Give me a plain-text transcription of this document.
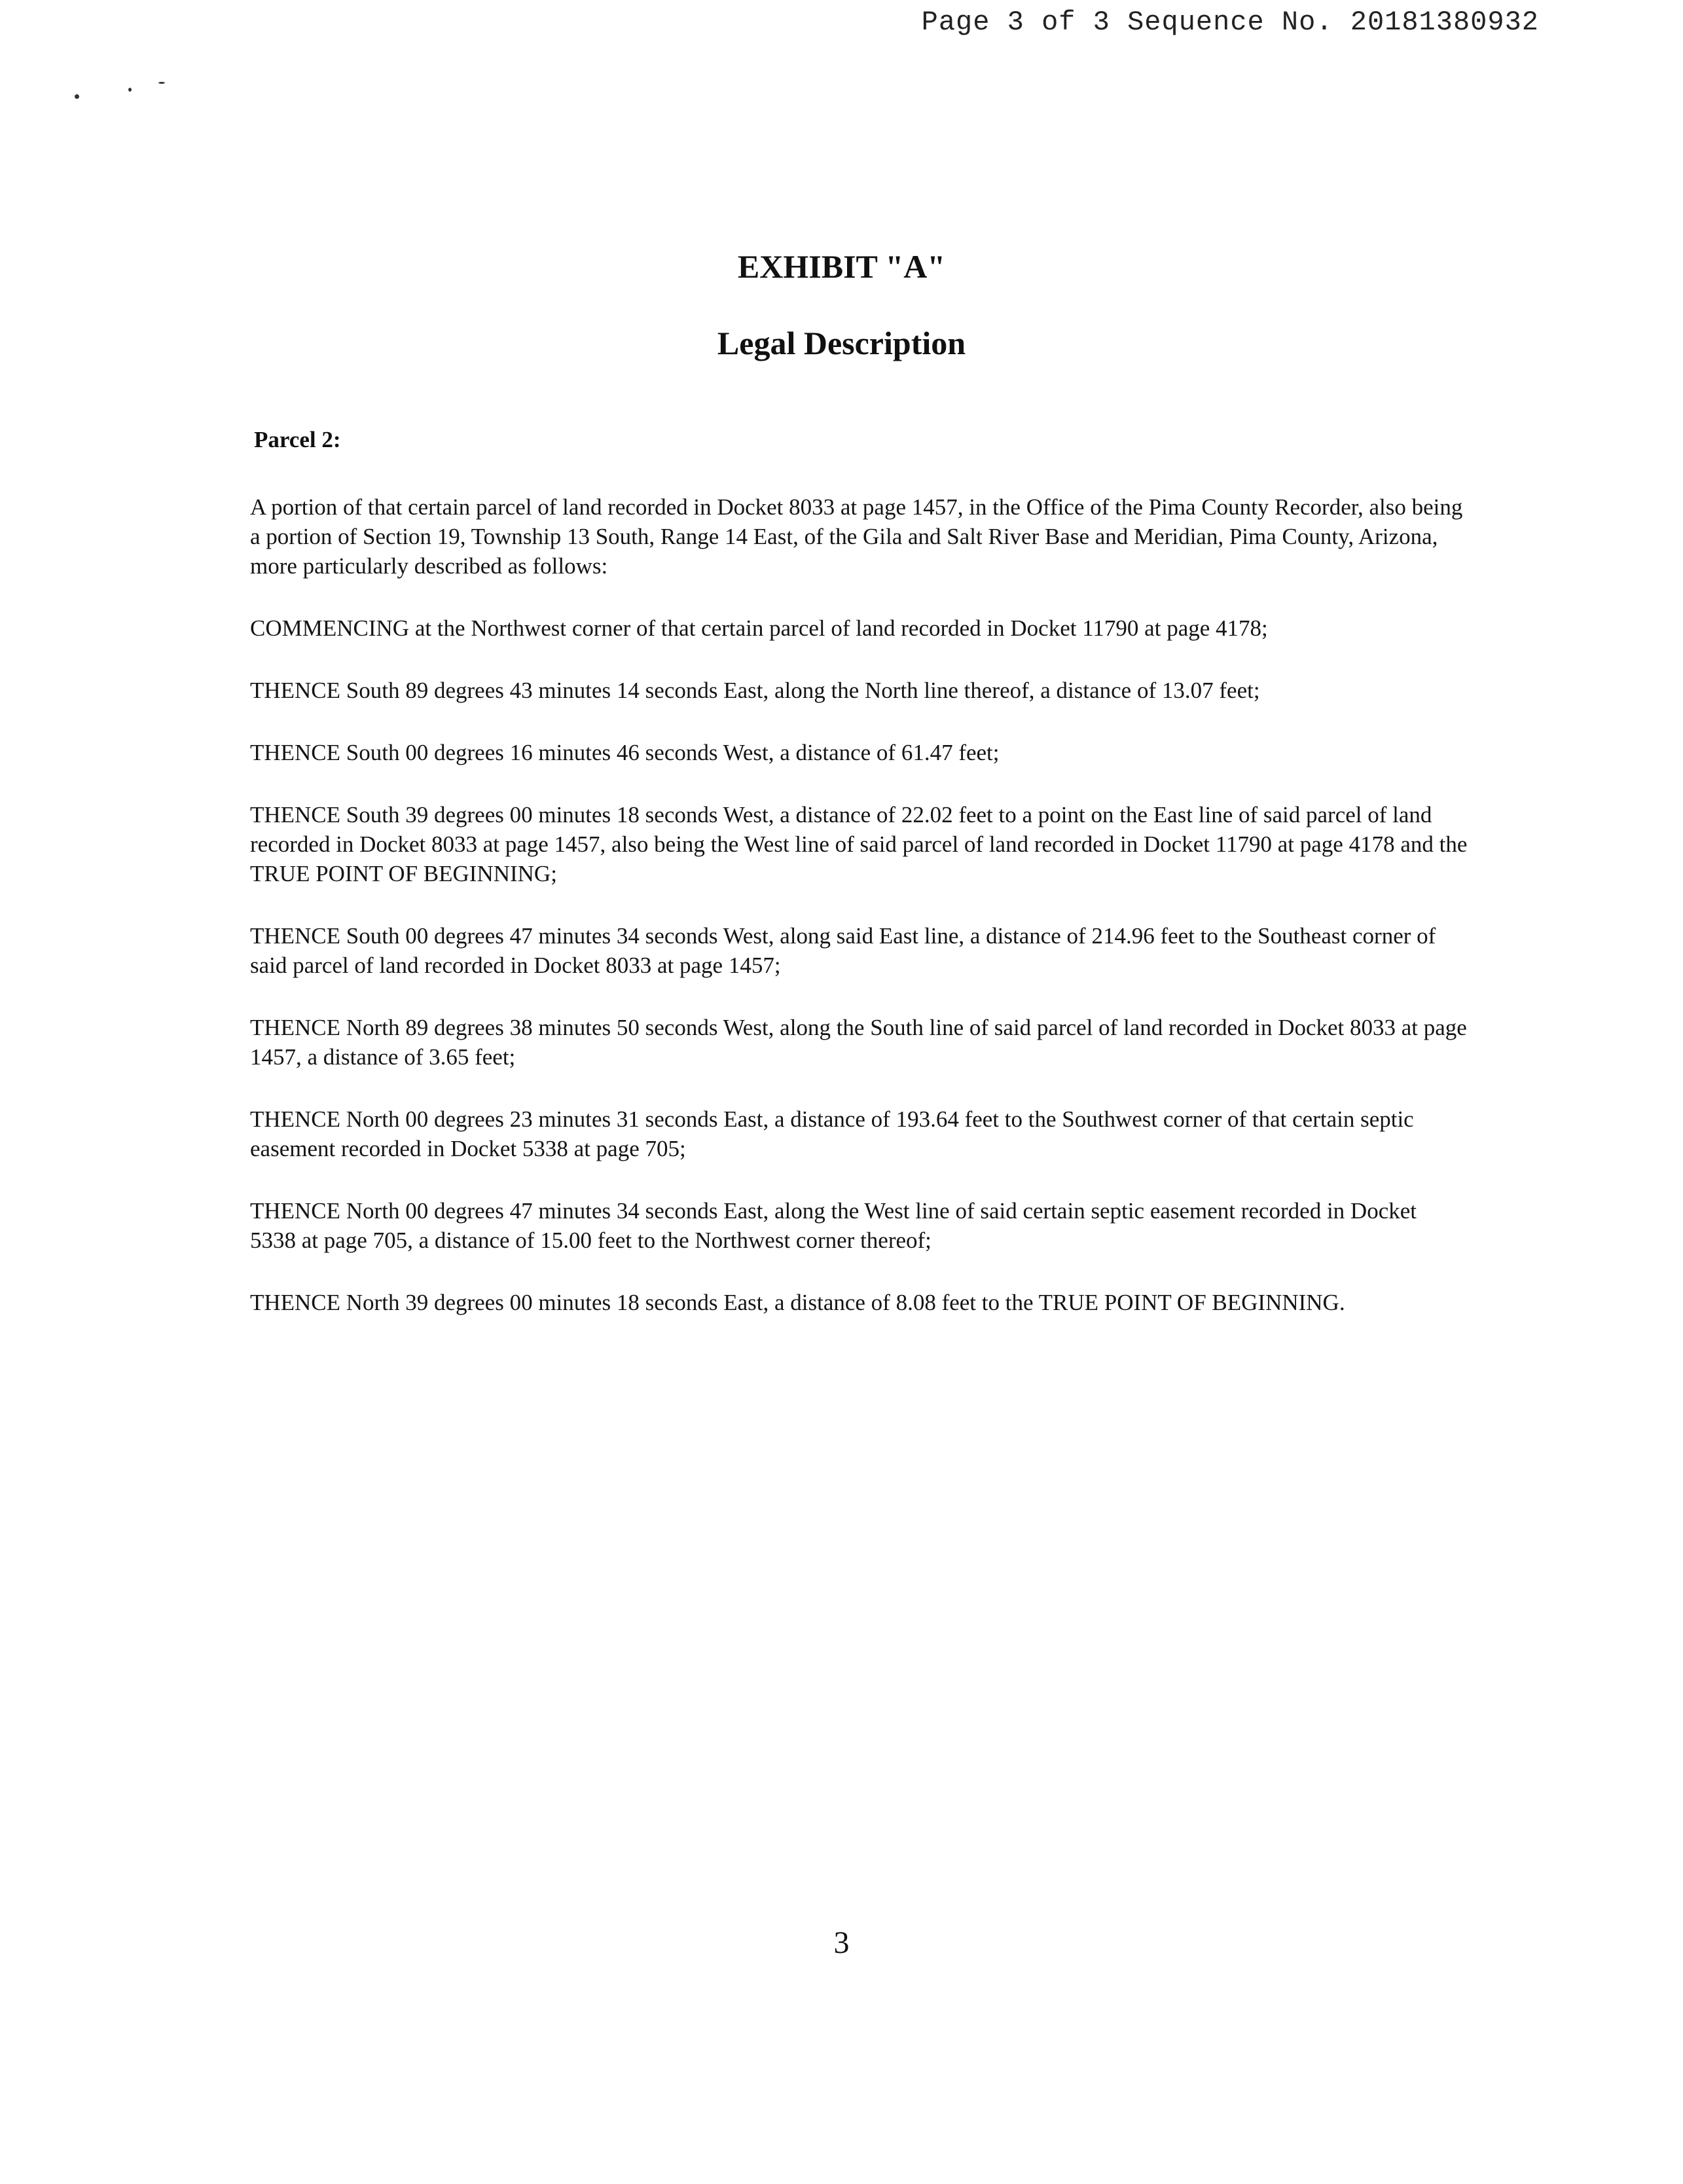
Page 3 of 3 Sequence No. 20181380932
EXHIBIT "A"
Legal Description

Parcel 2:

A portion of that certain parcel of land recorded in Docket 8033 at page 1457, in the Office of the Pima County Recorder, also being a portion of Section 19, Township 13 South, Range 14 East, of the Gila and Salt River Base and Meridian, Pima County, Arizona, more particularly described as follows:

COMMENCING at the Northwest corner of that certain parcel of land recorded in Docket 11790 at page 4178;

THENCE South 89 degrees 43 minutes 14 seconds East, along the North line thereof, a distance of 13.07 feet;

THENCE South 00 degrees 16 minutes 46 seconds West, a distance of 61.47 feet;

THENCE South 39 degrees 00 minutes 18 seconds West, a distance of 22.02 feet to a point on the East line of said parcel of land recorded in Docket 8033 at page 1457, also being the West line of said parcel of land recorded in Docket 11790 at page 4178 and the TRUE POINT OF BEGINNING;

THENCE South 00 degrees 47 minutes 34 seconds West, along said East line, a distance of 214.96 feet to the Southeast corner of said parcel of land recorded in Docket 8033 at page 1457;

THENCE North 89 degrees 38 minutes 50 seconds West, along the South line of said parcel of land recorded in Docket 8033 at page 1457, a distance of 3.65 feet;

THENCE North 00 degrees 23 minutes 31 seconds East, a distance of 193.64 feet to the Southwest corner of that certain septic easement recorded in Docket 5338 at page 705;

THENCE North 00 degrees 47 minutes 34 seconds East, along the West line of said certain septic easement recorded in Docket 5338 at page 705, a distance of 15.00 feet to the Northwest corner thereof;

THENCE North 39 degrees 00 minutes 18 seconds East, a distance of 8.08 feet to the TRUE POINT OF BEGINNING.

3
